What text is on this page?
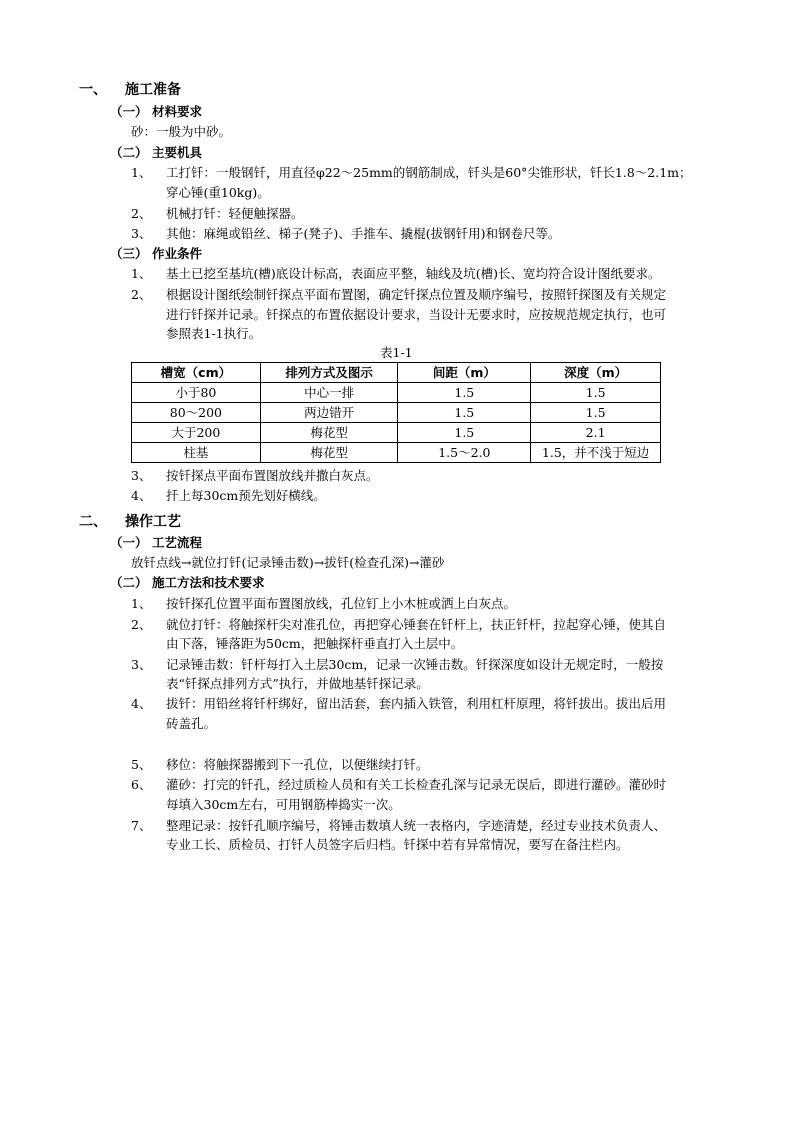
一、 施工准备
（一） 材料要求
砂：一般为中砂。
（二） 主要机具
1、 工打钎：一般钢钎，用直径φ22～25mm的钢筋制成，钎头是60°尖锥形状，钎长1.8～2.1m；
穿心锤(重10kg)。
2、 机械打钎：轻便触探器。
3、 其他：麻绳或铅丝、梯子(凳子)、手推车、撬棍(拔钢钎用)和钢卷尺等。
（三） 作业条件
1、 基土已挖至基坑(槽)底设计标高，表面应平整，轴线及坑(槽)长、宽均符合设计图纸要求。
2、 根据设计图纸绘制钎探点平面布置图，确定钎探点位置及顺序编号，按照钎探图及有关规定
进行钎探并记录。钎探点的布置依据设计要求，当设计无要求时，应按规范规定执行，也可
参照表1-1执行。
表1-1
槽宽（cm）	排列方式及图示	间距（m）	深度（m）
小于80	中心一排	1.5	1.5
80～200	两边错开	1.5	1.5
大于200	梅花型	1.5	2.1
柱基	梅花型	1.5～2.0	1.5，并不浅于短边
3、 按钎探点平面布置图放线并撒白灰点。
4、 扦上每30cm预先划好横线。
二、 操作工艺
（一） 工艺流程
放钎点线→就位打钎(记录锤击数)→拔钎(检查孔深)→灌砂
（二） 施工方法和技术要求
1、 按钎探孔位置平面布置图放线，孔位钉上小木桩或洒上白灰点。
2、 就位打钎：将触探杆尖对准孔位，再把穿心锤套在钎杆上，扶正钎杆，拉起穿心锤，使其自
由下落，锤落距为50cm，把触探杆垂直打入土层中。
3、 记录锤击数：钎杆每打入土层30cm，记录一次锤击数。钎探深度如设计无规定时，一般按
表“钎探点排列方式”执行，并做地基钎探记录。
4、 拔钎：用铅丝将钎杆绑好，留出活套，套内插入铁管，利用杠杆原理，将钎拔出。拔出后用
砖盖孔。
5、 移位：将触探器搬到下一孔位，以便继续打钎。
6、 灌砂：打完的钎孔，经过质检人员和有关工长检查孔深与记录无误后，即进行灌砂。灌砂时
每填入30cm左右，可用钢筋棒捣实一次。
7、 整理记录：按钎孔顺序编号，将锤击数填人统一表格内，字迹清楚，经过专业技术负责人、
专业工长、质检员、打钎人员签字后归档。钎探中若有异常情况，要写在备注栏内。
